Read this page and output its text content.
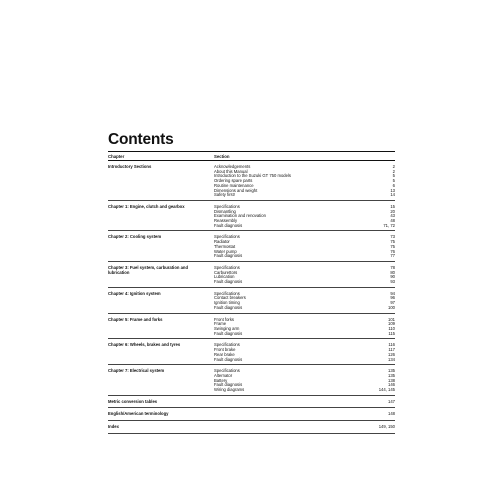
Contents
Chapter	Section
Introductory Sections	Acknowledgements	2
About this Manual	2
Introduction to the Suzuki GT 750 models	5
Ordering spare parts	5
Routine maintenance	6
Dimensions and weight	13
Safety first!	14
Chapter 1: Engine, clutch and gearbox	Specifications	15
Dismantling	20
Examination and renovation	43
Reassembly	48
Fault diagnosis	71, 72
Chapter 2: Cooling system	Specifications	73
Radiator	75
Thermostat	75
Water pump	76
Fault diagnosis	77
Chapter 3: Fuel system, carburation and lubrication
Specifications	78
Carburettors	80
Lubrication	90
Fault diagnosis	93
Chapter 4: Ignition system	Specifications	94
Contact breakers	96
Ignition timing	97
Fault diagnosis	100
Chapter 5: Frame and forks	Front forks	101
Frame	109
Swinging arm	110
Fault diagnosis	115
Chapter 6: Wheels, brakes and tyres	Specifications	116
Front brake	117
Rear brake	126
Fault diagnosis	134
Chapter 7: Electrical system	Specifications	135
Alternator	135
Battery	138
Fault diagnosis	146
Wiring diagrams	144, 145
Metric conversion tables	147
English/American terminology	148
Index	149, 150
